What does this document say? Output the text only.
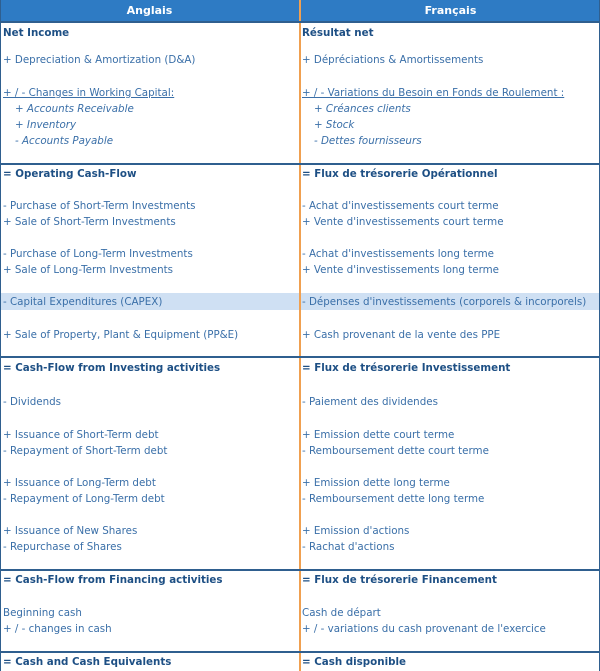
Anglais	Français
Net Income	Résultat net
+ Depreciation & Amortization (D&A)	+ Dépréciations & Amortissements
+ / - Changes in Working Capital:	+ / - Variations du Besoin en Fonds de Roulement :
+ Accounts Receivable	+ Créances clients
+ Inventory	+ Stock
- Accounts Payable	- Dettes fournisseurs
= Operating Cash-Flow	= Flux de trésorerie Opérationnel
- Purchase of Short-Term Investments	- Achat d'investissements court terme
+ Sale of Short-Term Investments	+ Vente d'investissements court terme
- Purchase of Long-Term Investments	- Achat d'investissements long terme
+ Sale of Long-Term Investments	+ Vente d'investissements long terme
- Capital Expenditures (CAPEX)	- Dépenses d'investissements (corporels & incorporels)
+ Sale of Property, Plant & Equipment (PP&E)	+ Cash provenant de la vente des PPE
= Cash-Flow from Investing activities	= Flux de trésorerie Investissement
- Dividends	- Paiement des dividendes
+ Issuance of Short-Term debt	+ Emission dette court terme
- Repayment of Short-Term debt	- Remboursement dette court terme
+ Issuance of Long-Term debt	+ Emission dette long terme
- Repayment of Long-Term debt	- Remboursement dette long terme
+ Issuance of New Shares	+ Emission d'actions
- Repurchase of Shares	- Rachat d'actions
= Cash-Flow from Financing activities	= Flux de trésorerie Financement
Beginning cash	Cash de départ
+ / - changes in cash	+ / - variations du cash provenant de l'exercice
= Cash and Cash Equivalents	= Cash disponible
